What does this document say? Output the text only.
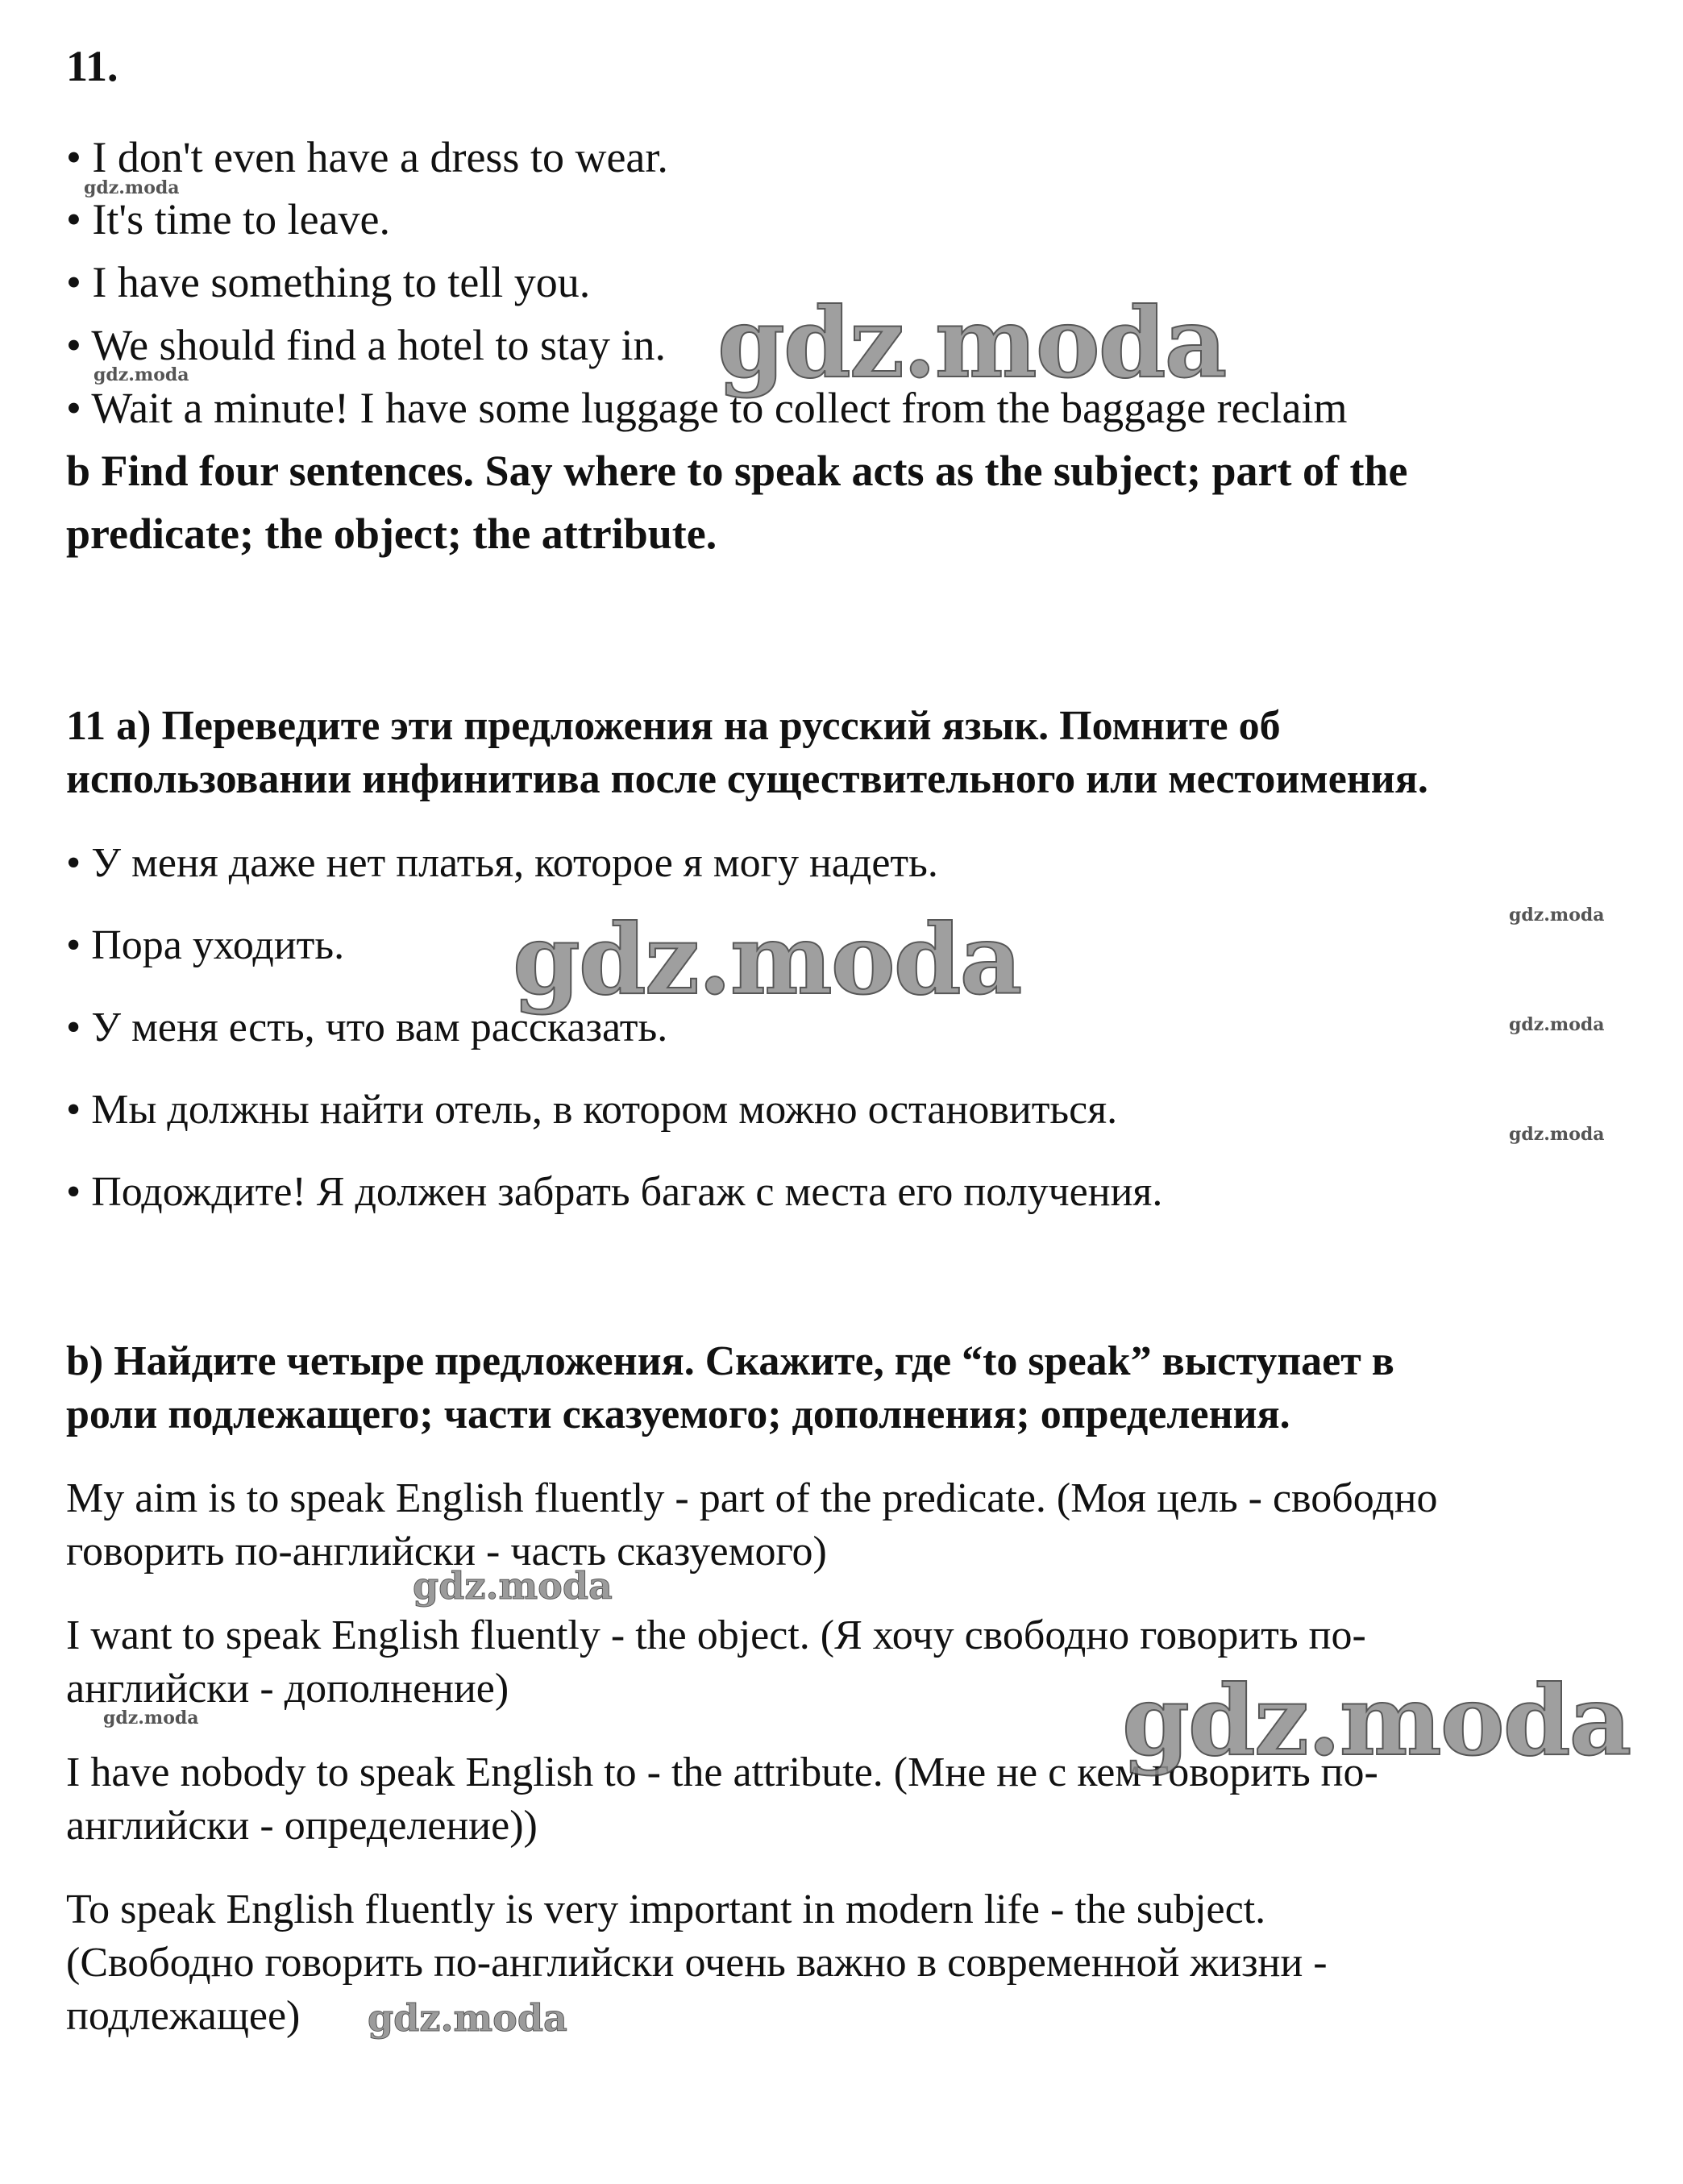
11.
• I don't even have a dress to wear.
• It's time to leave.
• I have something to tell you.
• We should find a hotel to stay in.
• Wait a minute! I have some luggage to collect from the baggage reclaim
b Find four sentences. Say where to speak acts as the subject; part of the
predicate; the object; the attribute.
11 а) Переведите эти предложения на русский язык. Помните об
использовании инфинитива после существительного или местоимения.
• У меня даже нет платья, которое я могу надеть.
• Пора уходить.
• У меня есть, что вам рассказать.
• Мы должны найти отель, в котором можно остановиться.
• Подождите! Я должен забрать багаж с места его получения.
b) Найдите четыре предложения. Скажите, где “to speak” выступает в
роли подлежащего; части сказуемого; дополнения; определения.
My aim is to speak English fluently - part of the predicate. (Моя цель - свободно
говорить по-английски - часть сказуемого)
I want to speak English fluently - the object. (Я хочу свободно говорить по-
английски - дополнение)
I have nobody to speak English to - the attribute. (Мне не с кем говорить по-
английски - определение))
To speak English fluently is very important in modern life - the subject.
(Свободно говорить по-английски очень важно в современной жизни -
подлежащее)
gdz.moda
gdz.moda
gdz.moda
gdz.moda
gdz.moda
gdz.moda
gdz.moda
gdz.moda
gdz.moda	gdz.moda
gdz.moda
